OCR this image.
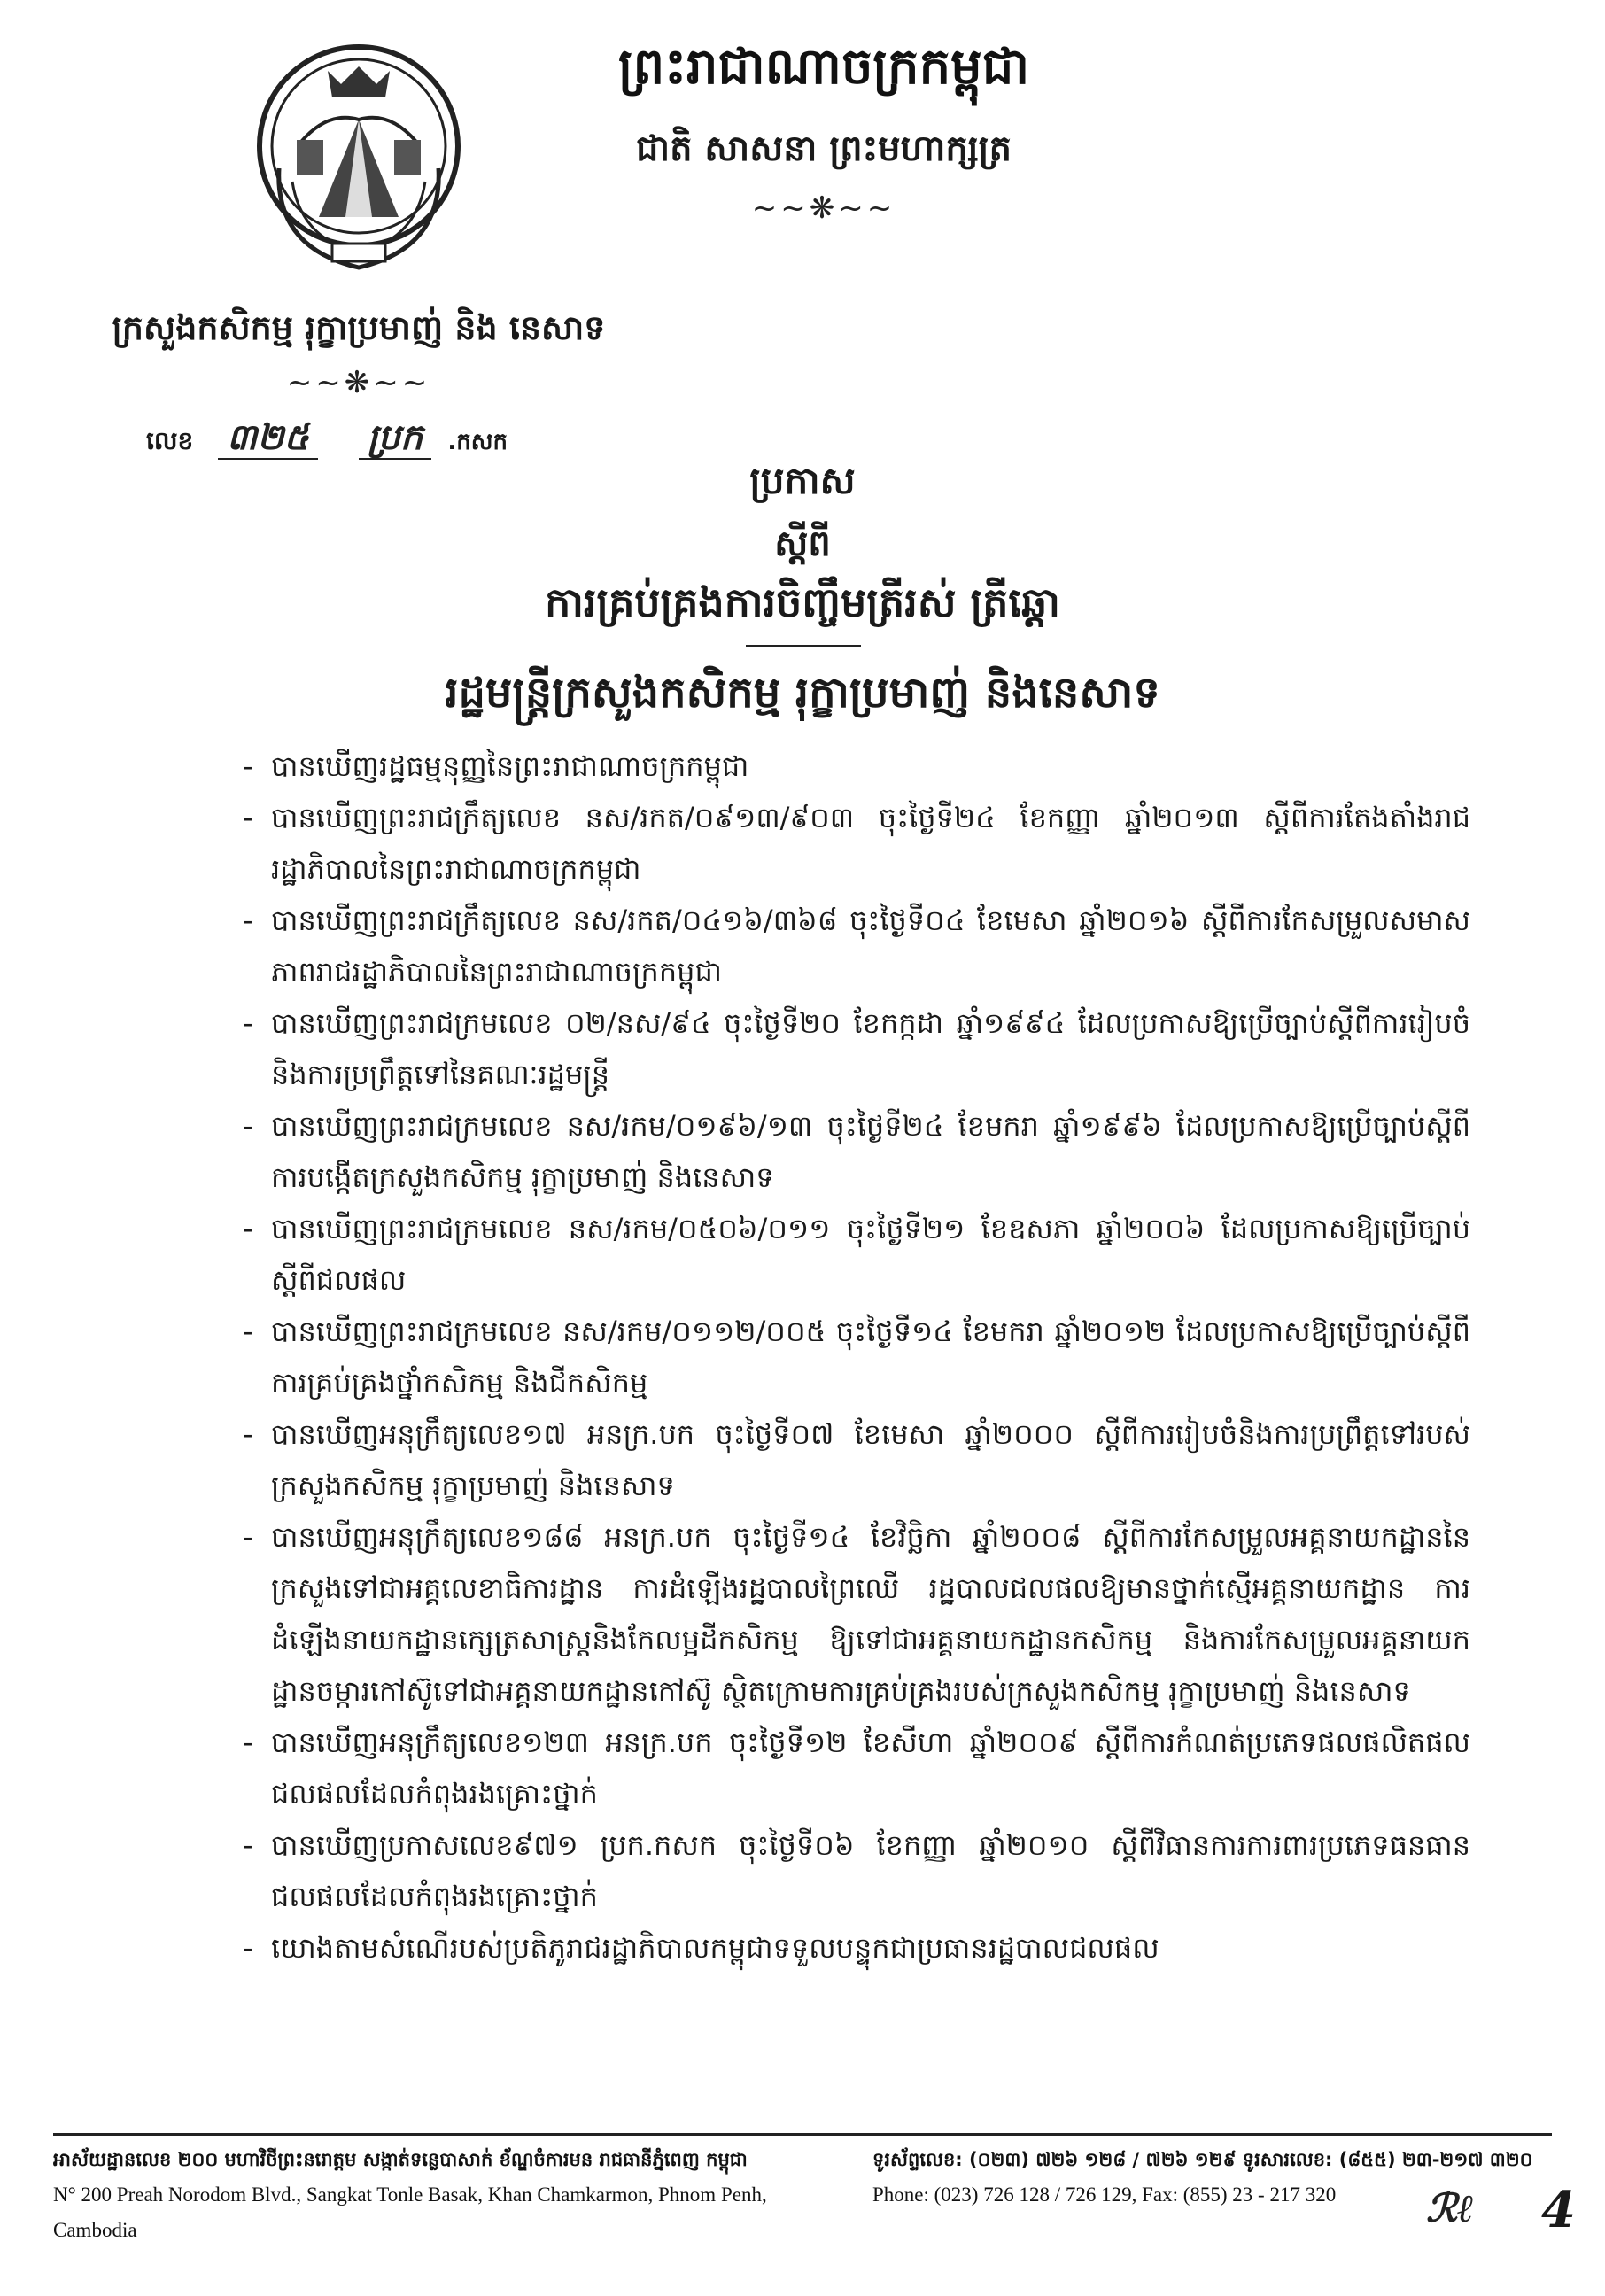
ព្រះរាជាណាចក្រកម្ពុជា
ជាតិ សាសនា ព្រះមហាក្សត្រ
~~❋~~
ក្រសួងកសិកម្ម រុក្ខាប្រមាញ់ និង នេសាទ
~~❋~~
លេខ ៣២៥ ប្រក .កសក
ប្រកាស
ស្ដីពី
ការគ្រប់គ្រងការចិញ្ចឹមត្រីរស់ ត្រីឆ្តោ
រដ្ឋមន្ត្រីក្រសួងកសិកម្ម រុក្ខាប្រមាញ់ និងនេសាទ
- បានឃើញរដ្ឋធម្មនុញ្ញនៃព្រះរាជាណាចក្រកម្ពុជា
- បានឃើញព្រះរាជក្រឹត្យលេខ នស/រកត/០៩១៣/៩០៣ ចុះថ្ងៃទី២៤ ខែកញ្ញា ឆ្នាំ២០១៣ ស្តីពីការតែងតាំងរាជរដ្ឋាភិបាលនៃព្រះរាជាណាចក្រកម្ពុជា
- បានឃើញព្រះរាជក្រឹត្យលេខ នស/រកត/០៤១៦/៣៦៨ ចុះថ្ងៃទី០៤ ខែមេសា ឆ្នាំ២០១៦ ស្តីពីការកែសម្រួលសមាសភាពរាជរដ្ឋាភិបាលនៃព្រះរាជាណាចក្រកម្ពុជា
- បានឃើញព្រះរាជក្រមលេខ ០២/នស/៩៤ ចុះថ្ងៃទី២០ ខែកក្កដា ឆ្នាំ១៩៩៤ ដែលប្រកាសឱ្យប្រើច្បាប់ស្តីពីការរៀបចំនិងការប្រព្រឹត្តទៅនៃគណៈរដ្ឋមន្ត្រី
- បានឃើញព្រះរាជក្រមលេខ នស/រកម/០១៩៦/១៣ ចុះថ្ងៃទី២៤ ខែមករា ឆ្នាំ១៩៩៦ ដែលប្រកាសឱ្យប្រើច្បាប់ស្តីពីការបង្កើតក្រសួងកសិកម្ម រុក្ខាប្រមាញ់ និងនេសាទ
- បានឃើញព្រះរាជក្រមលេខ នស/រកម/០៥០៦/០១១ ចុះថ្ងៃទី២១ ខែឧសភា ឆ្នាំ២០០៦ ដែលប្រកាសឱ្យប្រើច្បាប់ស្តីពីជលផល
- បានឃើញព្រះរាជក្រមលេខ នស/រកម/០១១២/០០៥ ចុះថ្ងៃទី១៤ ខែមករា ឆ្នាំ២០១២ ដែលប្រកាសឱ្យប្រើច្បាប់ស្តីពីការគ្រប់គ្រងថ្នាំកសិកម្ម និងជីកសិកម្ម
- បានឃើញអនុក្រឹត្យលេខ១៧ អនក្រ.បក ចុះថ្ងៃទី០៧ ខែមេសា ឆ្នាំ២០០០ ស្តីពីការរៀបចំនិងការប្រព្រឹត្តទៅរបស់ក្រសួងកសិកម្ម រុក្ខាប្រមាញ់ និងនេសាទ
- បានឃើញអនុក្រឹត្យលេខ១៨៨ អនក្រ.បក ចុះថ្ងៃទី១៤ ខែវិច្ឆិកា ឆ្នាំ២០០៨ ស្តីពីការកែសម្រួលអគ្គនាយកដ្ឋាននៃក្រសួងទៅជាអគ្គលេខាធិការដ្ឋាន ការដំឡើងរដ្ឋបាលព្រៃឈើ រដ្ឋបាលជលផលឱ្យមានថ្នាក់ស្មើអគ្គនាយកដ្ឋាន ការដំឡើងនាយកដ្ឋានក្សេត្រសាស្ត្រនិងកែលម្អដីកសិកម្ម ឱ្យទៅជាអគ្គនាយកដ្ឋានកសិកម្ម និងការកែសម្រួលអគ្គនាយកដ្ឋានចម្ការកៅស៊ូទៅជាអគ្គនាយកដ្ឋានកៅស៊ូ ស្ថិតក្រោមការគ្រប់គ្រងរបស់ក្រសួងកសិកម្ម រុក្ខាប្រមាញ់ និងនេសាទ
- បានឃើញអនុក្រឹត្យលេខ១២៣ អនក្រ.បក ចុះថ្ងៃទី១២ ខែសីហា ឆ្នាំ២០០៩ ស្តីពីការកំណត់ប្រភេទផលផលិតផលជលផលដែលកំពុងរងគ្រោះថ្នាក់
- បានឃើញប្រកាសលេខ៩៧១ ប្រក.កសក ចុះថ្ងៃទី០៦ ខែកញ្ញា ឆ្នាំ២០១០ ស្តីពីវិធានការការពារប្រភេទធនធានជលផលដែលកំពុងរងគ្រោះថ្នាក់
- យោងតាមសំណើរបស់ប្រតិភូរាជរដ្ឋាភិបាលកម្ពុជាទទួលបន្ទុកជាប្រធានរដ្ឋបាលជលផល
អាស័យដ្ឋានលេខ ២០០ មហាវិថីព្រះនរោត្តម សង្កាត់ទន្លេបាសាក់ ខ័ណ្ឌចំការមន រាជធានីភ្នំពេញ កម្ពុជា
N° 200 Preah Norodom Blvd., Sangkat Tonle Basak, Khan Chamkarmon, Phnom Penh, Cambodia
ទូរស័ព្ទលេខ: (០២៣) ៧២៦ ១២៨ / ៧២៦ ១២៩ ទូរសារលេខ: (៨៥៥) ២៣-២១៧ ៣២០
Phone: (023) 726 128 / 726 129, Fax: (855) 23 - 217 320	ℛℓ 4
